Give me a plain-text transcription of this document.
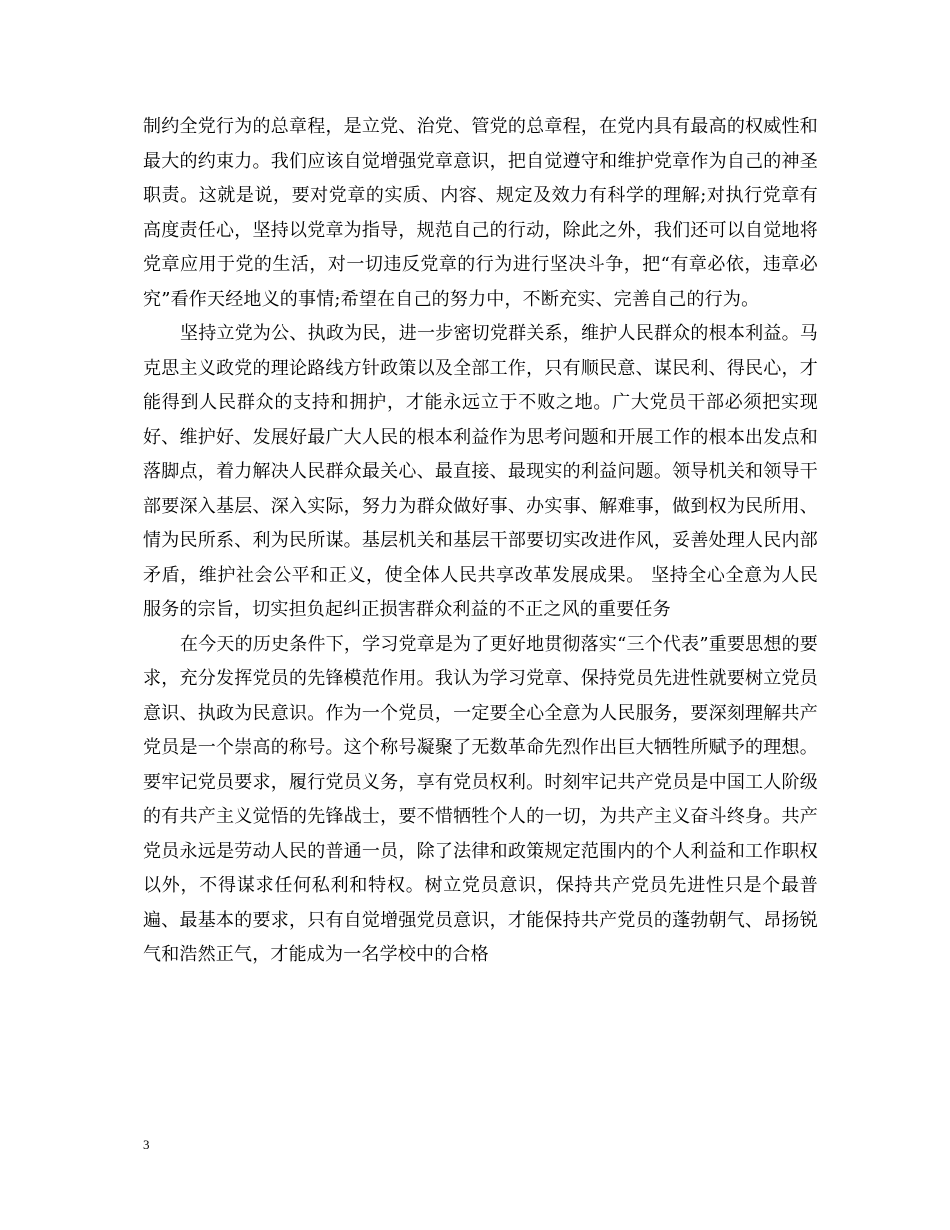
制约全党行为的总章程，是立党、治党、管党的总章程，在党内具有最高的权威性和最大的约束力。我们应该自觉增强党章意识，把自觉遵守和维护党章作为自己的神圣职责。这就是说，要对党章的实质、内容、规定及效力有科学的理解;对执行党章有高度责任心，坚持以党章为指导，规范自己的行动，除此之外，我们还可以自觉地将党章应用于党的生活，对一切违反党章的行为进行坚决斗争，把“有章必依，违章必究”看作天经地义的事情;希望在自己的努力中，不断充实、完善自己的行为。

坚持立党为公、执政为民，进一步密切党群关系，维护人民群众的根本利益。马克思主义政党的理论路线方针政策以及全部工作，只有顺民意、谋民利、得民心，才能得到人民群众的支持和拥护，才能永远立于不败之地。广大党员干部必须把实现好、维护好、发展好最广大人民的根本利益作为思考问题和开展工作的根本出发点和落脚点，着力解决人民群众最关心、最直接、最现实的利益问题。领导机关和领导干部要深入基层、深入实际，努力为群众做好事、办实事、解难事，做到权为民所用、情为民所系、利为民所谋。基层机关和基层干部要切实改进作风，妥善处理人民内部矛盾，维护社会公平和正义，使全体人民共享改革发展成果。 坚持全心全意为人民服务的宗旨，切实担负起纠正损害群众利益的不正之风的重要任务

在今天的历史条件下，学习党章是为了更好地贯彻落实“三个代表”重要思想的要求，充分发挥党员的先锋模范作用。我认为学习党章、保持党员先进性就要树立党员意识、执政为民意识。作为一个党员，一定要全心全意为人民服务，要深刻理解共产党员是一个崇高的称号。这个称号凝聚了无数革命先烈作出巨大牺牲所赋予的理想。要牢记党员要求，履行党员义务，享有党员权利。时刻牢记共产党员是中国工人阶级的有共产主义觉悟的先锋战士，要不惜牺牲个人的一切，为共产主义奋斗终身。共产党员永远是劳动人民的普通一员，除了法律和政策规定范围内的个人利益和工作职权以外，不得谋求任何私利和特权。树立党员意识，保持共产党员先进性只是个最普遍、最基本的要求，只有自觉增强党员意识，才能保持共产党员的蓬勃朝气、昂扬锐气和浩然正气，才能成为一名学校中的合格

3
